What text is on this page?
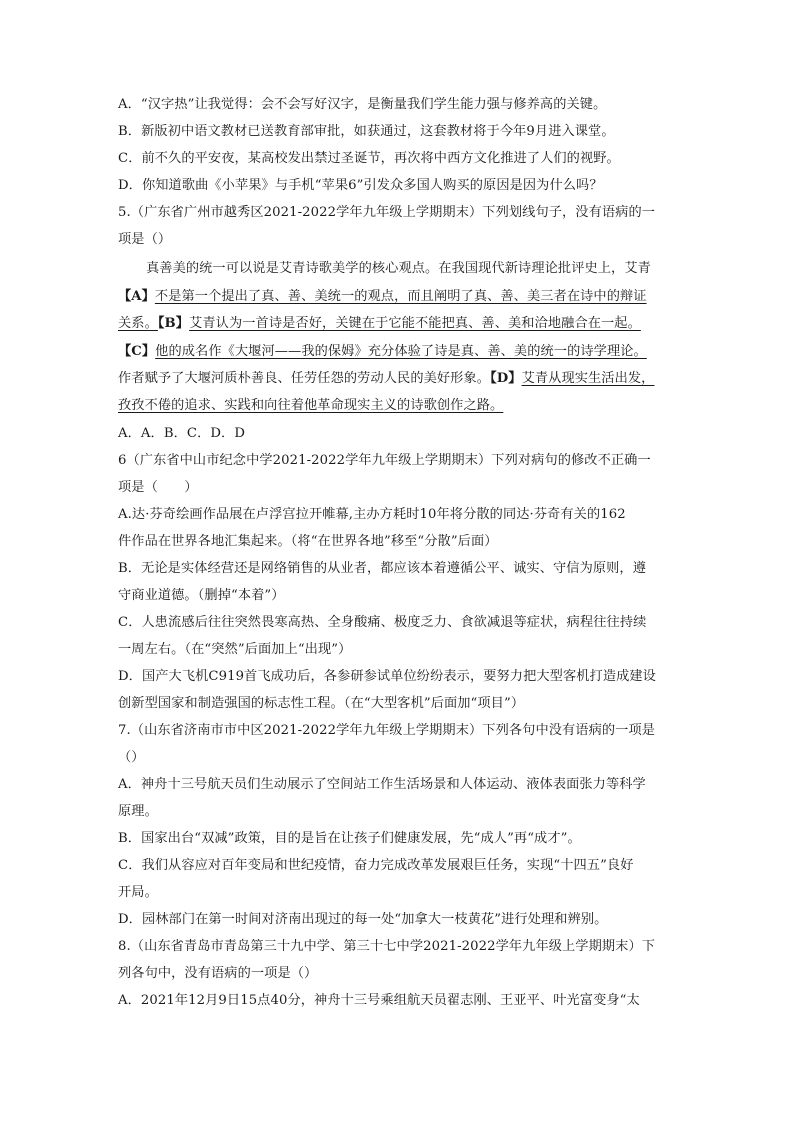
A．“汉字热”让我觉得：会不会写好汉字，是衡量我们学生能力强与修养高的关键。
B．新版初中语文教材已送教育部审批，如获通过，这套教材将于今年9月进入课堂。
C．前不久的平安夜，某高校发出禁过圣诞节，再次将中西方文化推进了人们的视野。
D．你知道歌曲《小苹果》与手机“苹果6”引发众多国人购买的原因是因为什么吗？
5.（广东省广州市越秀区2021-2022学年九年级上学期期末）下列划线句子，没有语病的一
项是（）
真善美的统一可以说是艾青诗歌美学的核心观点。在我国现代新诗理论批评史上，艾青
【A】不是第一个提出了真、善、美统一的观点，而且阐明了真、善、美三者在诗中的辩证
关系。【B】艾青认为一首诗是否好，关键在于它能不能把真、善、美和洽地融合在一起。
【C】他的成名作《大堰河——我的保姆》充分体验了诗是真、善、美的统一的诗学理论。
作者赋予了大堰河质朴善良、任劳任怨的劳动人民的美好形象。【D】艾青从现实生活出发，
孜孜不倦的追求、实践和向往着他革命现实主义的诗歌创作之路。
A．A．B．C．D．D
6（广东省中山市纪念中学2021-2022学年九年级上学期期末）下列对病句的修改不正确一
项是（　　）
A.达·芬奇绘画作品展在卢浮宫拉开帷幕,主办方耗时10年将分散的同达·芬奇有关的162
件作品在世界各地汇集起来。（将“在世界各地”移至“分散”后面）
B．无论是实体经营还是网络销售的从业者，都应该本着遵循公平、诚实、守信为原则，遵
守商业道德。（删掉“本着”）
C．人患流感后往往突然畏寒高热、全身酸痛、极度乏力、食欲减退等症状，病程往往持续
一周左右。（在“突然”后面加上“出现”）
D．国产大飞机C919首飞成功后，各参研参试单位纷纷表示，要努力把大型客机打造成建设
创新型国家和制造强国的标志性工程。（在“大型客机”后面加“项目”）
7.（山东省济南市市中区2021-2022学年九年级上学期期末）下列各句中没有语病的一项是
（）
A．神舟十三号航天员们生动展示了空间站工作生活场景和人体运动、液体表面张力等科学
原理。
B．国家出台“双减”政策，目的是旨在让孩子们健康发展，先“成人”再“成才”。
C．我们从容应对百年变局和世纪疫情，奋力完成改革发展艰巨任务，实现“十四五”良好
开局。
D．园林部门在第一时间对济南出现过的每一处“加拿大一枝黄花”进行处理和辨别。
8.（山东省青岛市青岛第三十九中学、第三十七中学2021-2022学年九年级上学期期末）下
列各句中，没有语病的一项是（）
A．2021年12月9日15点40分，神舟十三号乘组航天员翟志刚、王亚平、叶光富变身“太
